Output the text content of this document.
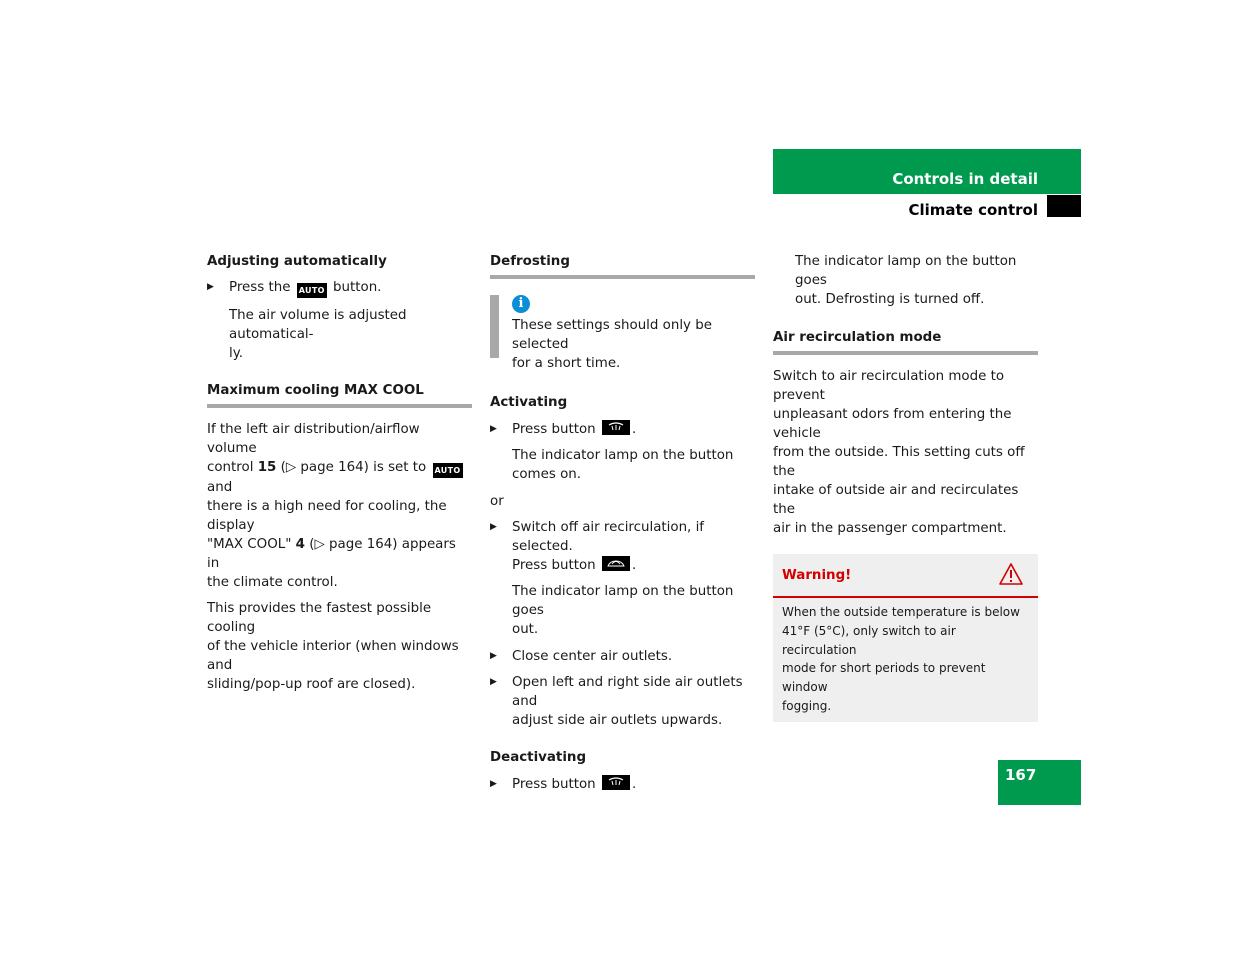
Controls in detail
Climate control
Adjusting automatically

▶ Press the AUTO button.

The air volume is adjusted automatical-
ly.

Maximum cooling MAX COOL

If the left air distribution/airflow volume
control 15 (▷ page 164) is set to AUTO and
there is a high need for cooling, the display
"MAX COOL" 4 (▷ page 164) appears in
the climate control.

This provides the fastest possible cooling
of the vehicle interior (when windows and
sliding/pop-up roof are closed).

Defrosting
i

These settings should only be selected
for a short time.

Activating

▶ Press button	.

The indicator lamp on the button
comes on.

or

▶ Switch off air recirculation, if selected.
Press button	.

The indicator lamp on the button goes
out.

▶ Close center air outlets.

▶ Open left and right side air outlets and
adjust side air outlets upwards.

Deactivating

▶ Press button	.

The indicator lamp on the button goes
out. Defrosting is turned off.

Air recirculation mode

Switch to air recirculation mode to prevent
unpleasant odors from entering the vehicle
from the outside. This setting cuts off the
intake of outside air and recirculates the
air in the passenger compartment.

Warning!
When the outside temperature is below
41°F (5°C), only switch to air recirculation
mode for short periods to prevent window
fogging.
167
